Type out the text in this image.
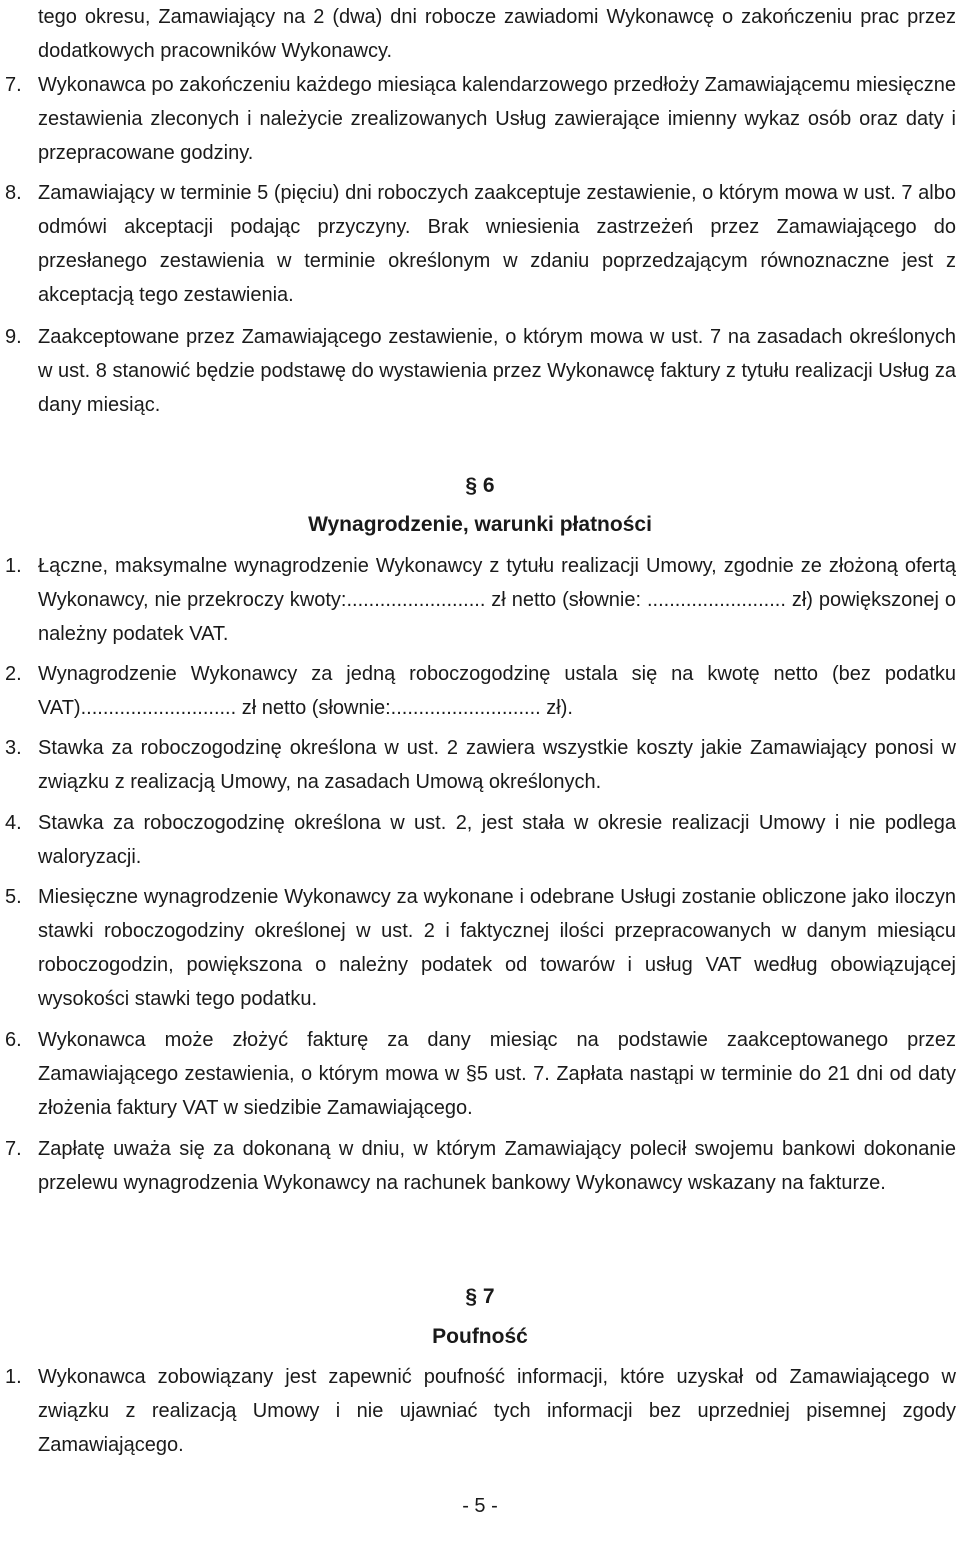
tego okresu, Zamawiający na 2 (dwa) dni robocze zawiadomi Wykonawcę o zakończeniu prac przez dodatkowych pracowników Wykonawcy.
7. Wykonawca po zakończeniu każdego miesiąca kalendarzowego przedłoży Zamawiającemu miesięczne zestawienia zleconych i należycie zrealizowanych Usług zawierające imienny wykaz osób oraz daty i przepracowane godziny.
8. Zamawiający w terminie 5 (pięciu) dni roboczych zaakceptuje zestawienie, o którym mowa w ust. 7 albo odmówi akceptacji podając przyczyny. Brak wniesienia zastrzeżeń przez Zamawiającego do przesłanego zestawienia w terminie określonym w zdaniu poprzedzającym równoznaczne jest z akceptacją tego zestawienia.
9. Zaakceptowane przez Zamawiającego zestawienie, o którym mowa w ust. 7 na zasadach określonych w ust. 8 stanowić będzie podstawę do wystawienia przez Wykonawcę faktury z tytułu realizacji Usług za dany miesiąc.
§ 6
Wynagrodzenie, warunki płatności
1. Łączne, maksymalne wynagrodzenie Wykonawcy z tytułu realizacji Umowy, zgodnie ze złożoną ofertą Wykonawcy, nie przekroczy kwoty:......................... zł netto (słownie: ......................... zł) powiększonej o należny podatek VAT.
2. Wynagrodzenie Wykonawcy za jedną roboczogodzinę ustala się na kwotę netto (bez podatku VAT)............................ zł netto (słownie:........................... zł).
3. Stawka za roboczogodzinę określona w ust. 2 zawiera wszystkie koszty jakie Zamawiający ponosi w związku z realizacją Umowy, na zasadach Umową określonych.
4. Stawka za roboczogodzinę określona w ust. 2, jest stała w okresie realizacji Umowy i nie podlega waloryzacji.
5. Miesięczne wynagrodzenie Wykonawcy za wykonane i odebrane Usługi zostanie obliczone jako iloczyn stawki roboczogodziny określonej w ust. 2 i faktycznej ilości przepracowanych w danym miesiącu roboczogodzin, powiększona o należny podatek od towarów i usług VAT według obowiązującej wysokości stawki tego podatku.
6. Wykonawca może złożyć fakturę za dany miesiąc na podstawie zaakceptowanego przez Zamawiającego zestawienia, o którym mowa w §5 ust. 7. Zapłata nastąpi w terminie do 21 dni od daty złożenia faktury VAT w siedzibie Zamawiającego.
7. Zapłatę uważa się za dokonaną w dniu, w którym Zamawiający polecił swojemu bankowi dokonanie przelewu wynagrodzenia Wykonawcy na rachunek bankowy Wykonawcy wskazany na fakturze.
§ 7
Poufność
1. Wykonawca zobowiązany jest zapewnić poufność informacji, które uzyskał od Zamawiającego w związku z realizacją Umowy i nie ujawniać tych informacji bez uprzedniej pisemnej zgody Zamawiającego.
- 5 -
